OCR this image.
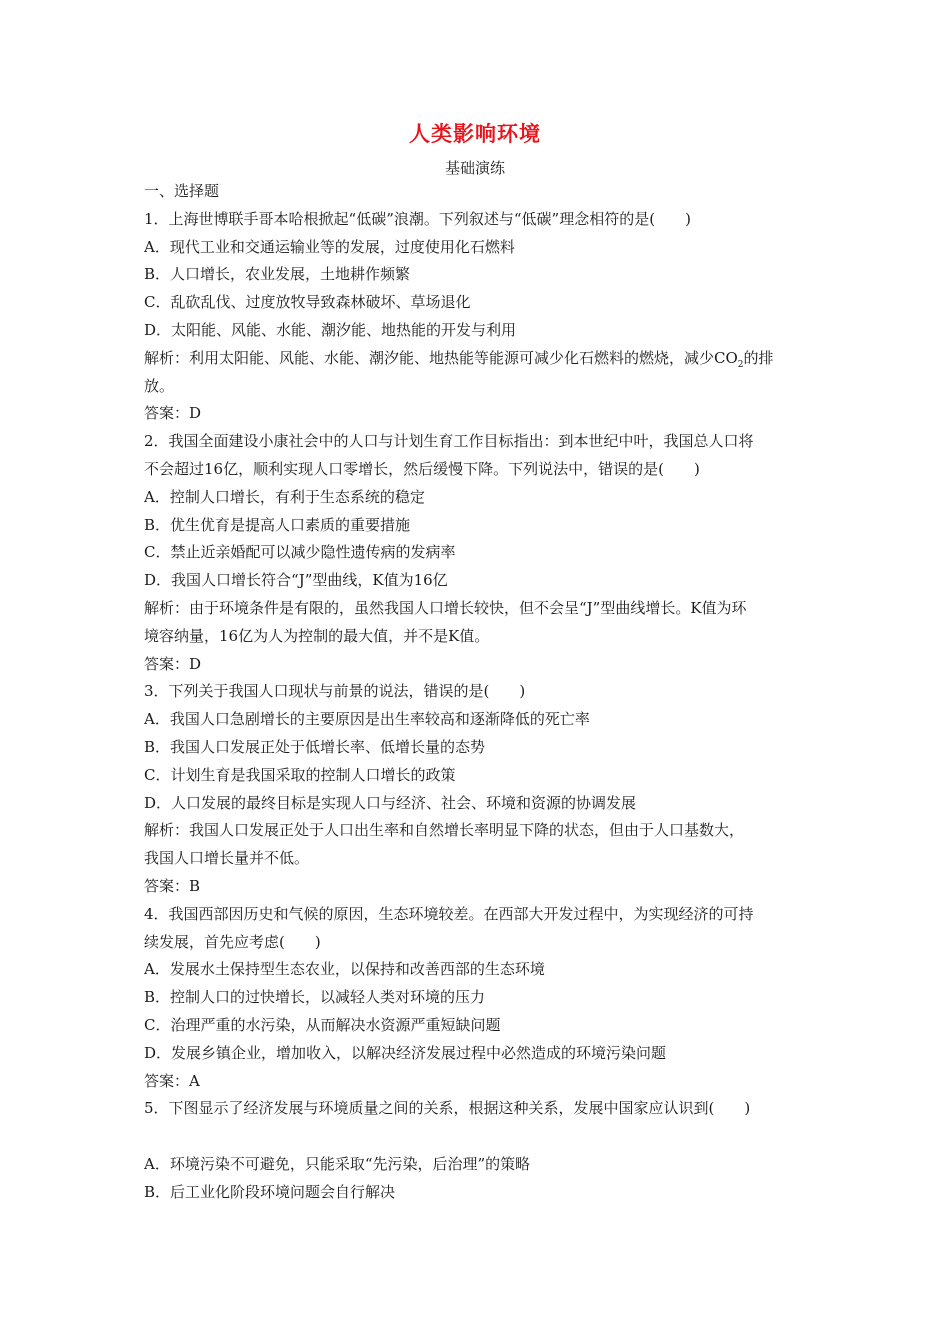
人类影响环境
基础演练
一、选择题
1．上海世博联手哥本哈根掀起“低碳”浪潮。下列叙述与“低碳”理念相符的是(　　)
A．现代工业和交通运输业等的发展，过度使用化石燃料
B．人口增长，农业发展，土地耕作频繁
C．乱砍乱伐、过度放牧导致森林破坏、草场退化
D．太阳能、风能、水能、潮汐能、地热能的开发与利用
解析：利用太阳能、风能、水能、潮汐能、地热能等能源可减少化石燃料的燃烧，减少$CO_2$的排
放。
答案：D
2．我国全面建设小康社会中的人口与计划生育工作目标指出：到本世纪中叶，我国总人口将
不会超过16亿，顺利实现人口零增长，然后缓慢下降。下列说法中，错误的是(　　)
A．控制人口增长，有利于生态系统的稳定
B．优生优育是提高人口素质的重要措施
C．禁止近亲婚配可以减少隐性遗传病的发病率
D．我国人口增长符合“J”型曲线，K值为16亿
解析：由于环境条件是有限的，虽然我国人口增长较快，但不会呈“J”型曲线增长。K值为环
境容纳量，16亿为人为控制的最大值，并不是K值。
答案：D
3．下列关于我国人口现状与前景的说法，错误的是(　　)
A．我国人口急剧增长的主要原因是出生率较高和逐渐降低的死亡率
B．我国人口发展正处于低增长率、低增长量的态势
C．计划生育是我国采取的控制人口增长的政策
D．人口发展的最终目标是实现人口与经济、社会、环境和资源的协调发展
解析：我国人口发展正处于人口出生率和自然增长率明显下降的状态，但由于人口基数大，
我国人口增长量并不低。
答案：B
4．我国西部因历史和气候的原因，生态环境较差。在西部大开发过程中，为实现经济的可持
续发展，首先应考虑(　　)
A．发展水土保持型生态农业，以保持和改善西部的生态环境
B．控制人口的过快增长，以减轻人类对环境的压力
C．治理严重的水污染，从而解决水资源严重短缺问题
D．发展乡镇企业，增加收入，以解决经济发展过程中必然造成的环境污染问题
答案：A
5．下图显示了经济发展与环境质量之间的关系，根据这种关系，发展中国家应认识到(　　)
A．环境污染不可避免，只能采取“先污染，后治理”的策略
B．后工业化阶段环境问题会自行解决
